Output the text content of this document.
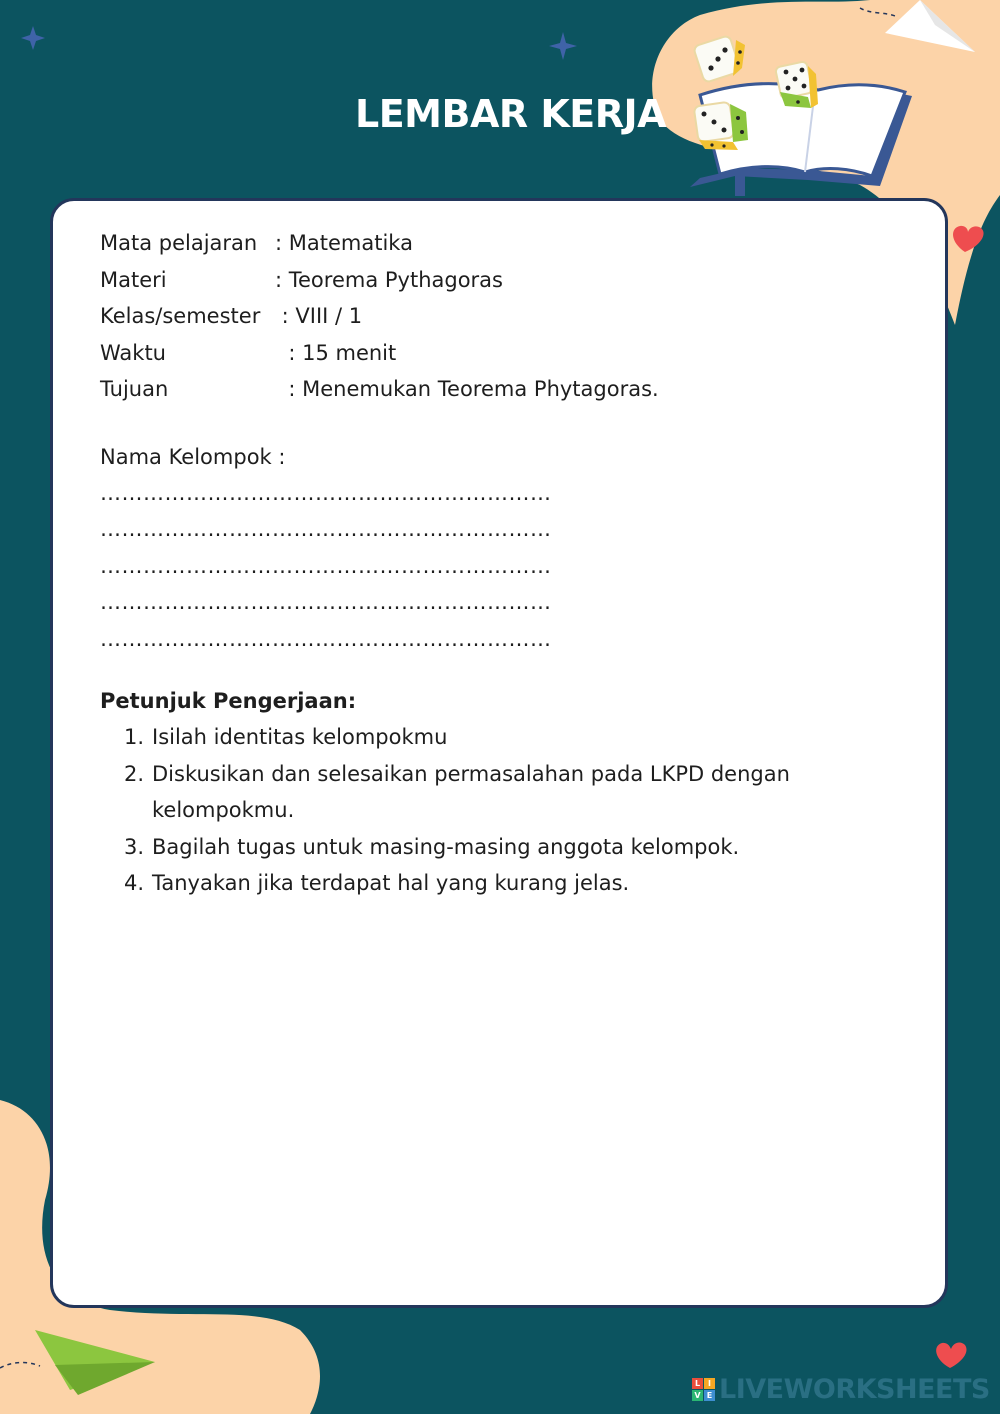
LEMBAR KERJA
Mata pelajaran : Matematika
Materi	: Teorema Pythagoras
Kelas/semester : VIII / 1
Waktu	: 15 menit
Tujuan	: Menemukan Teorema Phytagoras.
Nama Kelompok :
………………………………………………………
………………………………………………………
………………………………………………………
………………………………………………………
………………………………………………………
Petunjuk Pengerjaan:
1. Isilah identitas kelompokmu
2. Diskusikan dan selesaikan permasalahan pada LKPD dengan kelompokmu.
3. Bagilah tugas untuk masing-masing anggota kelompok.
4. Tanyakan jika terdapat hal yang kurang jelas.
L I
V E LIVEWORKSHEETS
